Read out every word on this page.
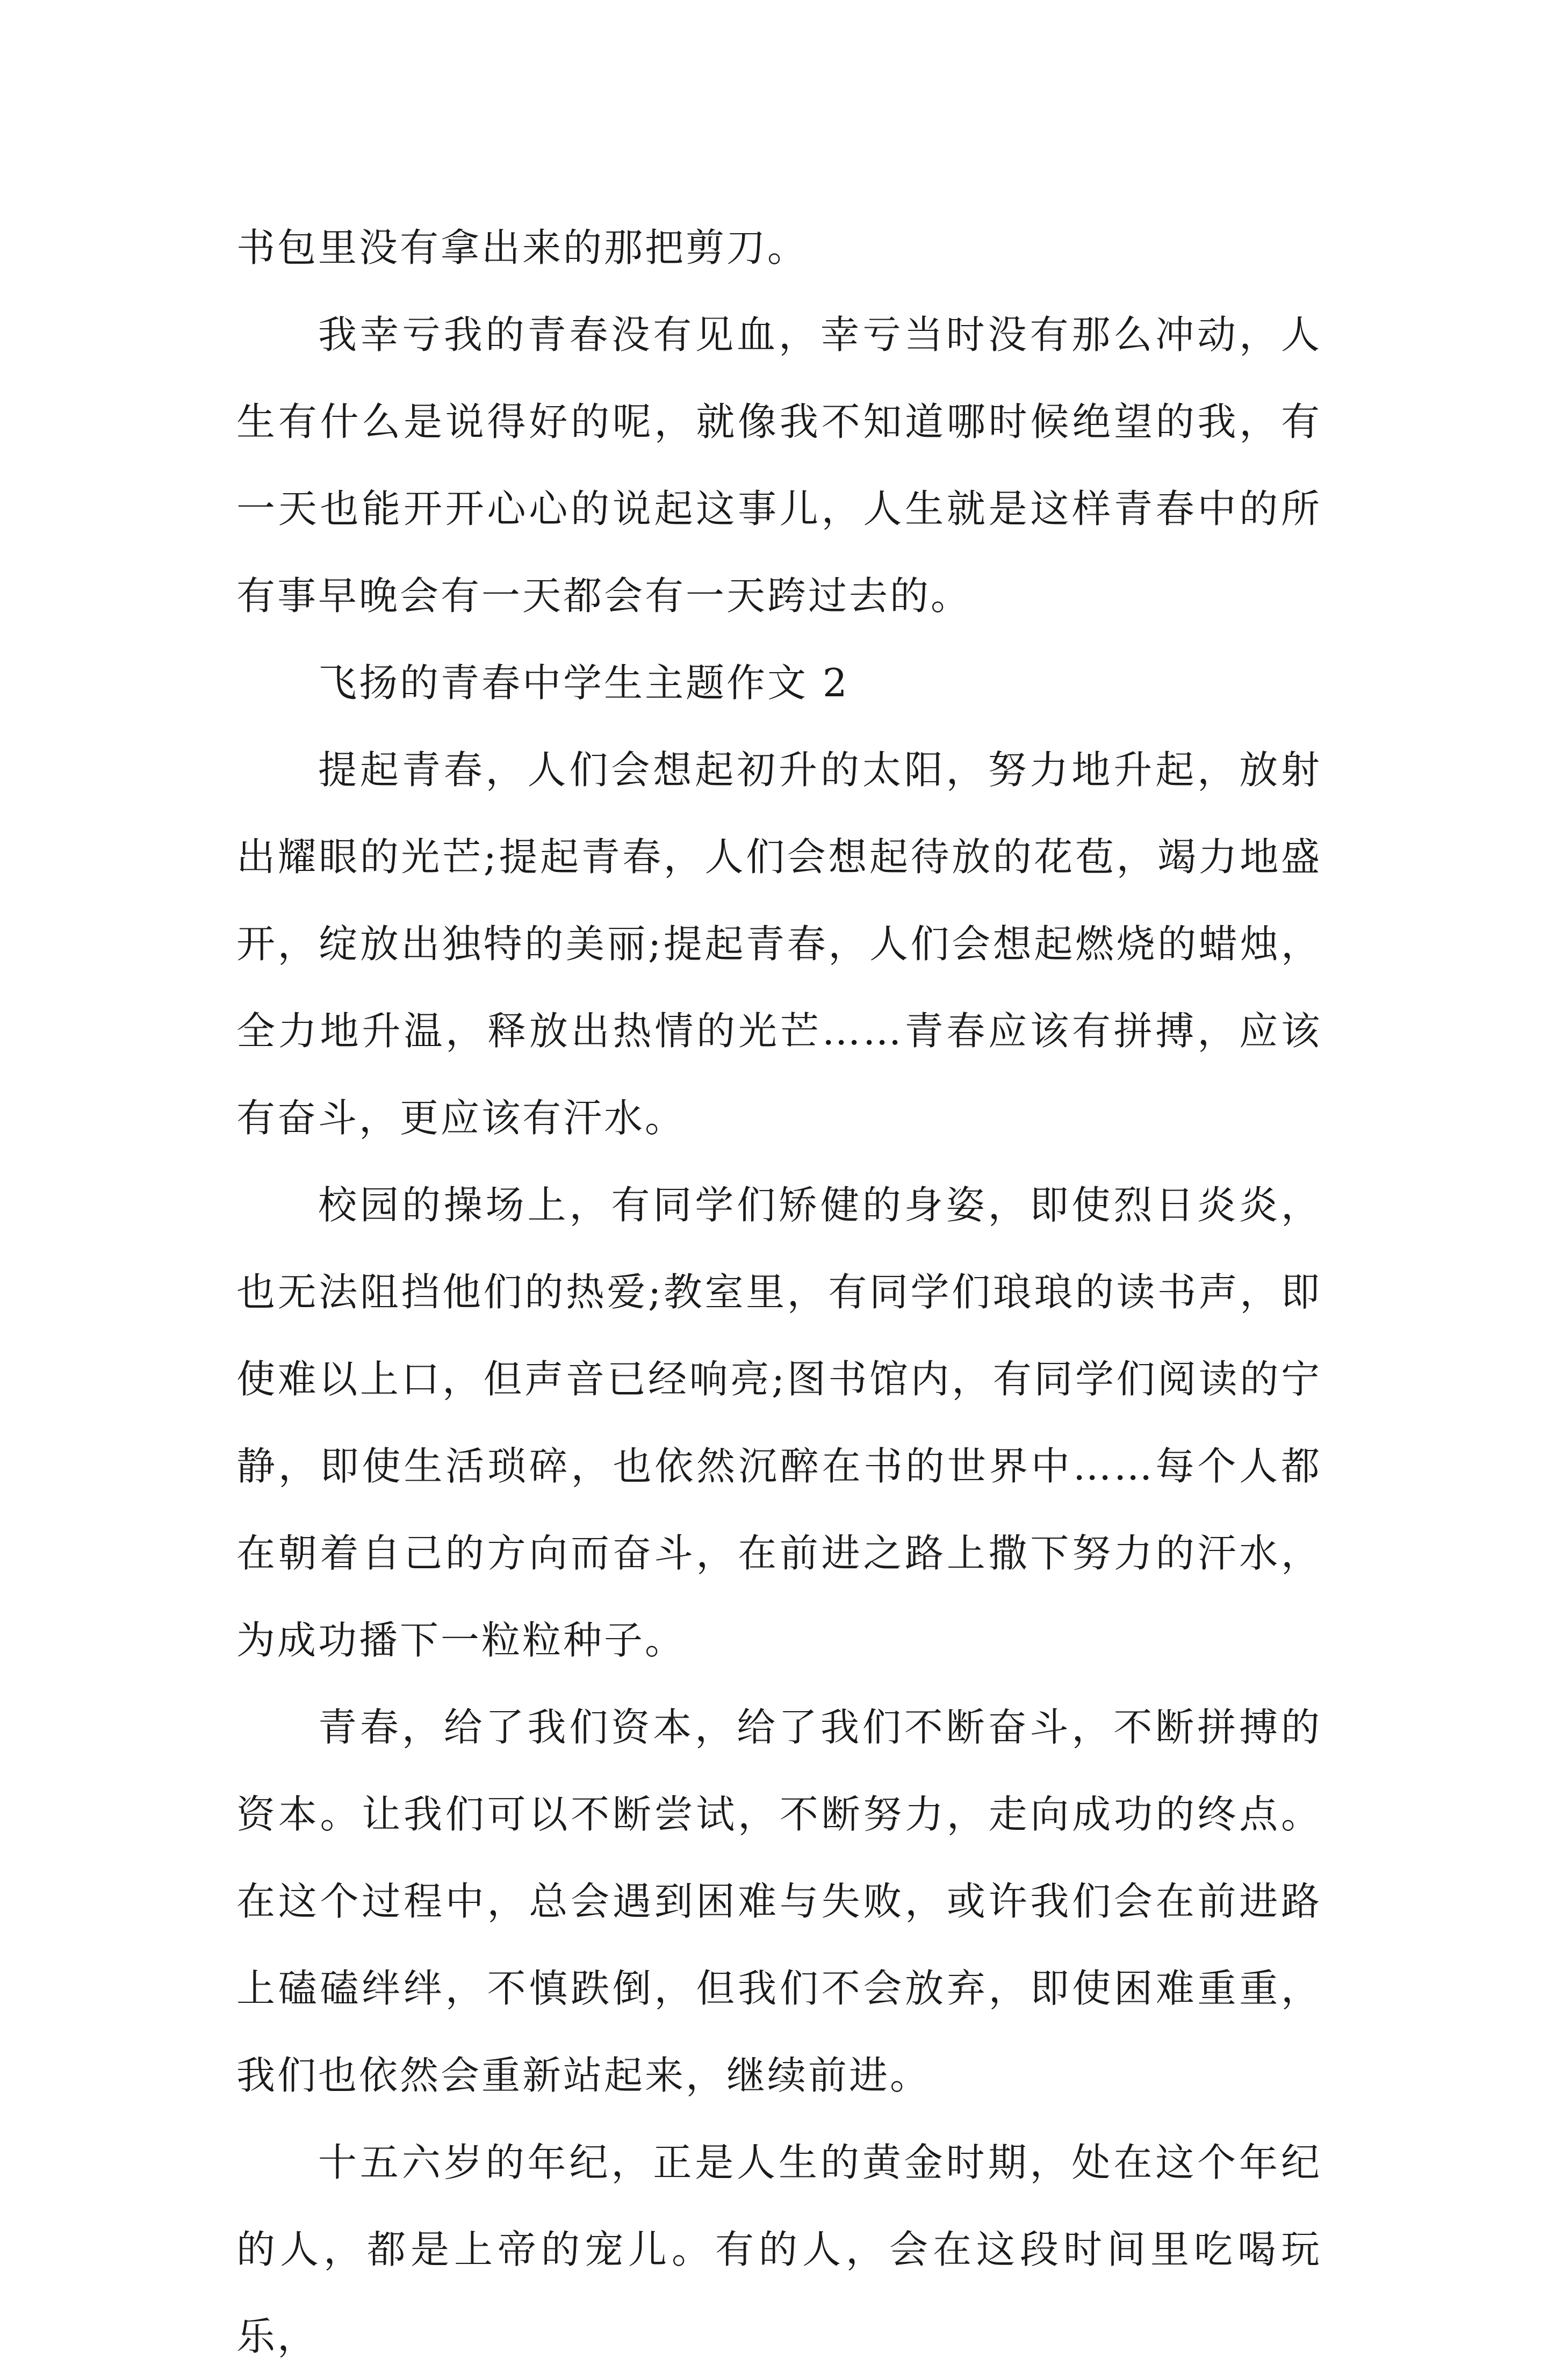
书包里没有拿出来的那把剪刀。

我幸亏我的青春没有见血，幸亏当时没有那么冲动，人生有什么是说得好的呢，就像我不知道哪时候绝望的我，有一天也能开开心心的说起这事儿，人生就是这样青春中的所有事早晚会有一天都会有一天跨过去的。

飞扬的青春中学生主题作文 2

提起青春，人们会想起初升的太阳，努力地升起，放射出耀眼的光芒;提起青春，人们会想起待放的花苞，竭力地盛开，绽放出独特的美丽;提起青春，人们会想起燃烧的蜡烛，全力地升温，释放出热情的光芒……青春应该有拼搏，应该有奋斗，更应该有汗水。

校园的操场上，有同学们矫健的身姿，即使烈日炎炎，也无法阻挡他们的热爱;教室里，有同学们琅琅的读书声，即使难以上口，但声音已经响亮;图书馆内，有同学们阅读的宁静，即使生活琐碎，也依然沉醉在书的世界中……每个人都在朝着自己的方向而奋斗，在前进之路上撒下努力的汗水，为成功播下一粒粒种子。

青春，给了我们资本，给了我们不断奋斗，不断拼搏的资本。让我们可以不断尝试，不断努力，走向成功的终点。在这个过程中，总会遇到困难与失败，或许我们会在前进路上磕磕绊绊，不慎跌倒，但我们不会放弃，即使困难重重，我们也依然会重新站起来，继续前进。

十五六岁的年纪，正是人生的黄金时期，处在这个年纪的人，都是上帝的宠儿。有的人，会在这段时间里吃喝玩乐，
